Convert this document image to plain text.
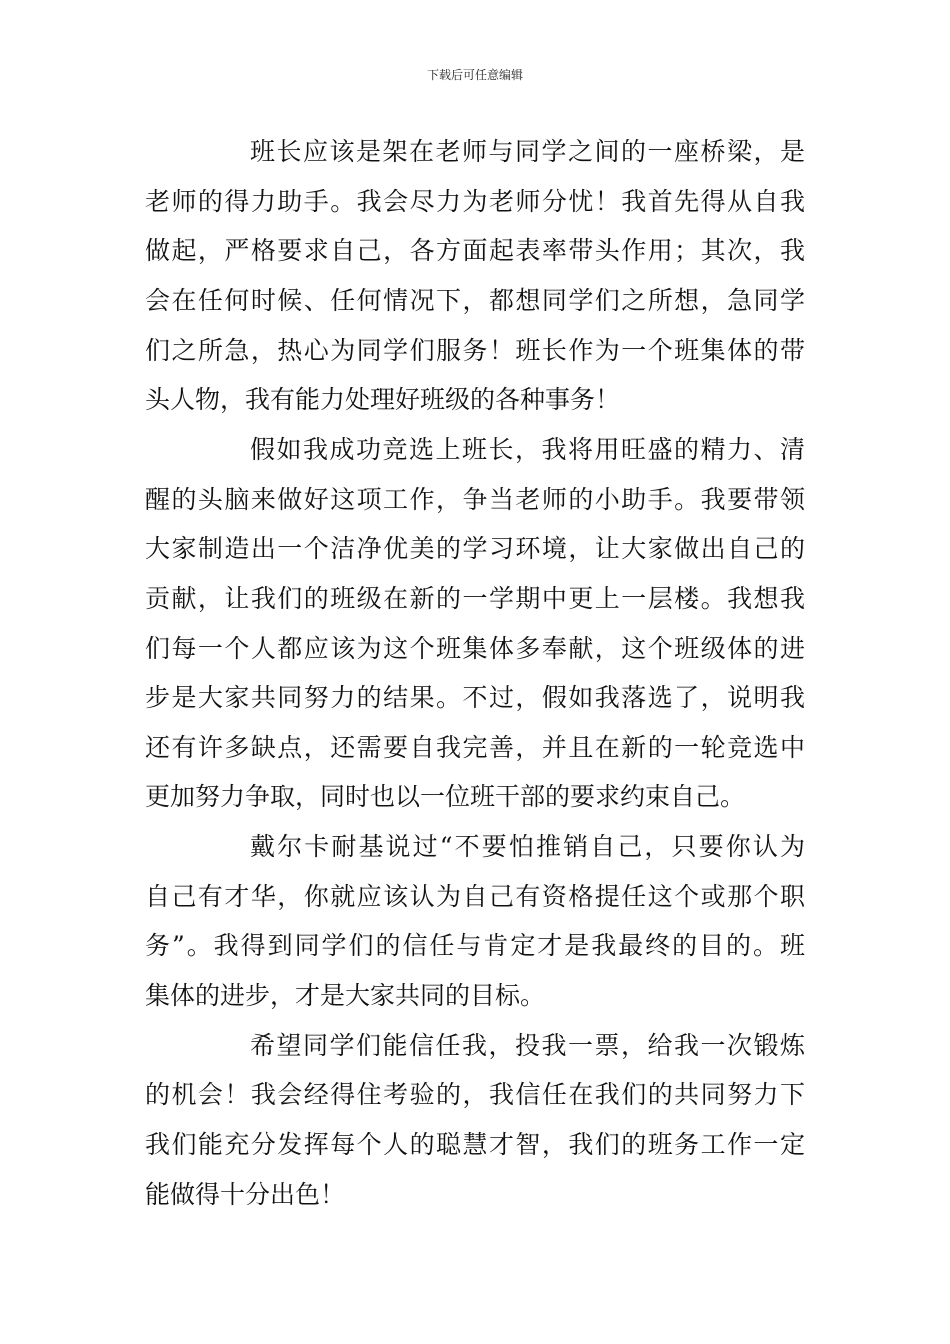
下载后可任意编辑
班长应该是架在老师与同学之间的一座桥梁，是
老师的得力助手。我会尽力为老师分忧！我首先得从自我
做起，严格要求自己，各方面起表率带头作用；其次，我
会在任何时候、任何情况下，都想同学们之所想，急同学
们之所急，热心为同学们服务！班长作为一个班集体的带
头人物，我有能力处理好班级的各种事务！
假如我成功竞选上班长，我将用旺盛的精力、清
醒的头脑来做好这项工作，争当老师的小助手。我要带领
大家制造出一个洁净优美的学习环境，让大家做出自己的
贡献，让我们的班级在新的一学期中更上一层楼。我想我
们每一个人都应该为这个班集体多奉献，这个班级体的进
步是大家共同努力的结果。不过，假如我落选了，说明我
还有许多缺点，还需要自我完善，并且在新的一轮竞选中
更加努力争取，同时也以一位班干部的要求约束自己。
戴尔卡耐基说过“不要怕推销自己，只要你认为
自己有才华，你就应该认为自己有资格提任这个或那个职
务”。我得到同学们的信任与肯定才是我最终的目的。班
集体的进步，才是大家共同的目标。
希望同学们能信任我，投我一票，给我一次锻炼
的机会！我会经得住考验的，我信任在我们的共同努力下
我们能充分发挥每个人的聪慧才智，我们的班务工作一定
能做得十分出色！
